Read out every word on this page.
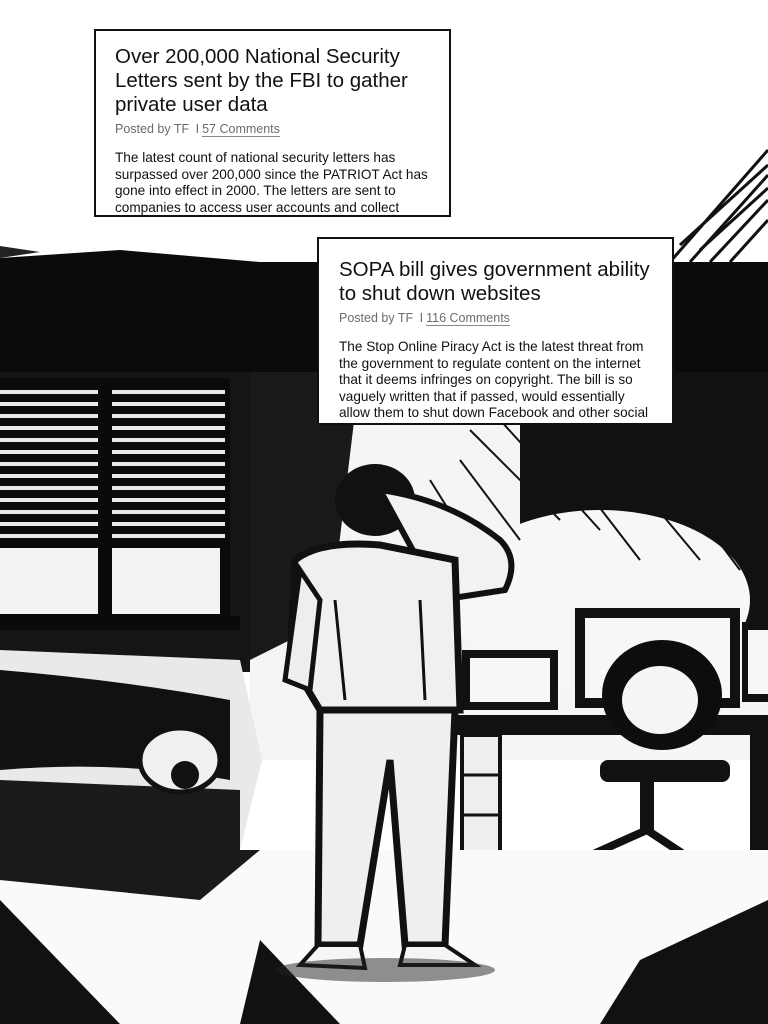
Over 200,000 National Security Letters sent by the FBI to gather private user data
Posted by TF I 57 Comments
The latest count of national security letters has surpassed over 200,000 since the PATRIOT Act has gone into effect in 2000. The letters are sent to companies to access user accounts and collect
SOPA bill gives government ability to shut down websites
Posted by TF I 116 Comments
The Stop Online Piracy Act is the latest threat from the government to regulate content on the internet that it deems infringes on copyright. The bill is so vaguely written that if passed, would essentially allow them to shut down Facebook and other social
